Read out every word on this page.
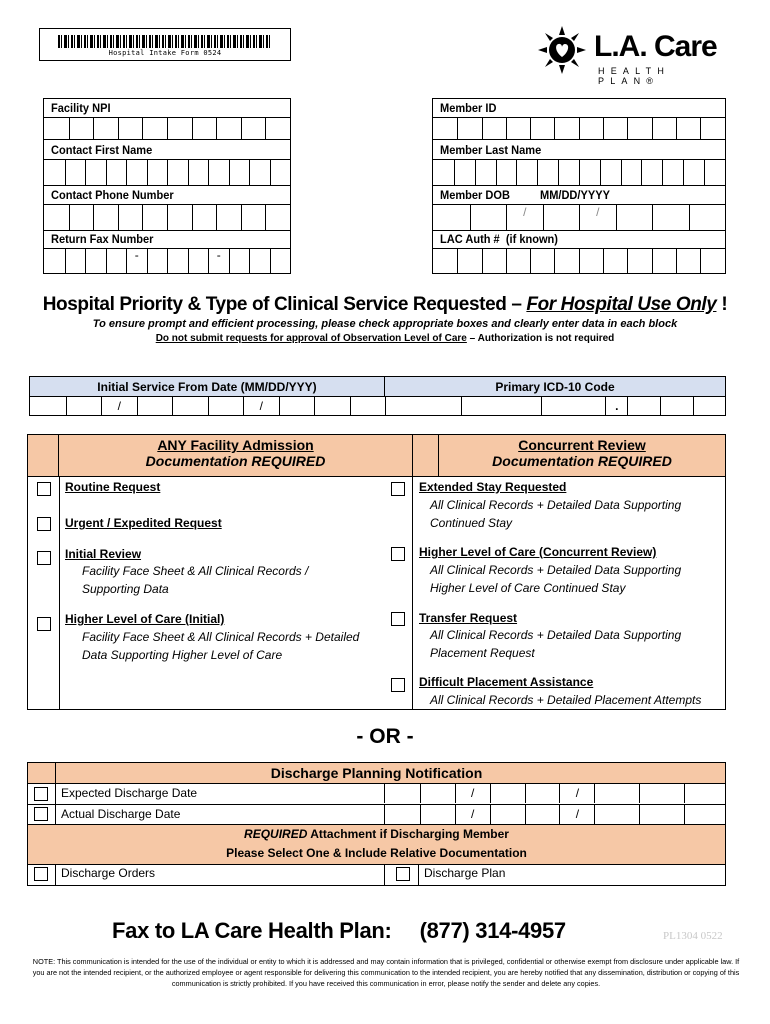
Hospital Intake Form 0524	L.A. Care
HEALTH PLAN®
Facility NPI
Contact First Name
Contact Phone Number
Return Fax Number
-	-
Member ID
Member Last Name
Member DOB	MM/DD/YYYY
/	/
LAC Auth # (if known)
Hospital Priority & Type of Clinical Service Requested – For Hospital Use Only !
To ensure prompt and efficient processing, please check appropriate boxes and clearly enter data in each block
Do not submit requests for approval of Observation Level of Care – Authorization is not required
Initial Service From Date (MM/DD/YYY)	Primary ICD-10 Code
/	/	.
ANY Facility Admission
Documentation REQUIRED
Concurrent Review
Documentation REQUIRED
Routine Request
Urgent / Expedited Request
Initial Review
Facility Face Sheet & All Clinical Records /
Supporting Data
Higher Level of Care (Initial)
Facility Face Sheet & All Clinical Records + Detailed
Data Supporting Higher Level of Care
Extended Stay Requested
All Clinical Records + Detailed Data Supporting
Continued Stay
Higher Level of Care (Concurrent Review)
All Clinical Records + Detailed Data Supporting
Higher Level of Care Continued Stay
Transfer Request
All Clinical Records + Detailed Data Supporting
Placement Request
Difficult Placement Assistance
All Clinical Records + Detailed Placement Attempts
- OR -
Discharge Planning Notification
Expected Discharge Date
Actual Discharge Date
/	/
/	/
REQUIRED Attachment if Discharging Member
Please Select One & Include Relative Documentation
Discharge Orders	Discharge Plan
Fax to LA Care Health Plan: (877) 314-4957	PL1304 0522
NOTE: This communication is intended for the use of the individual or entity to which it is addressed and may contain information that is privileged, confidential or otherwise exempt from disclosure under applicable law. If you are not the intended recipient, or the authorized employee or agent responsible for delivering this communication to the intended recipient, you are hereby notified that any dissemination, distribution or copying of this communication is strictly prohibited. If you have received this communication in error, please notify the sender and delete any copies.
